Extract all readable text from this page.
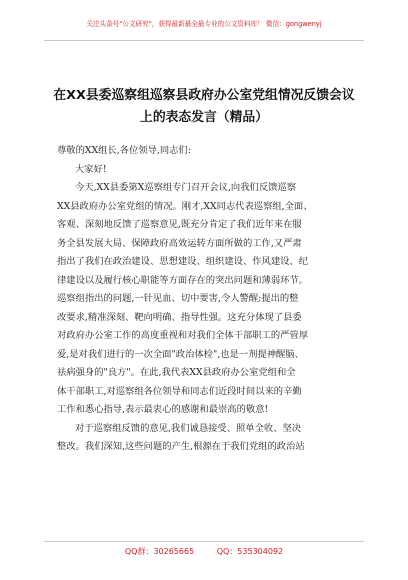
关注头条号"公文研究"，获得最新最全最专业的公文资料库！ 微信：gongwenyj
在XX县委巡察组巡察县政府办公室党组情况反馈会议
上的表态发言（精品）
尊敬的XX组长,各位领导,同志们:
大家好!
今天,XX县委第X巡察组专门召开会议,向我们反馈巡察
XX县政府办公室党组的情况。刚才,XX同志代表巡察组,全面、
客观、深刻地反馈了巡察意见,既充分肯定了我们近年来在服
务全县发展大局、保障政府高效运转方面所做的工作,又严肃
指出了我们在政治建设、思想建设、组织建设、作风建设、纪
律建设以及履行核心职能等方面存在的突出问题和薄弱环节。
巡察组指出的问题,一针见血、切中要害,令人警醒;提出的整
改要求,精准深刻、靶向明确、指导性强。这充分体现了县委
对政府办公室工作的高度重视和对我们全体干部职工的严管厚
爱,是对我们进行的一次全面"政治体检",也是一剂提神醒脑、
祛病强身的"良方"。在此,我代表XX县政府办公室党组和全
体干部职工,对巡察组各位领导和同志们近段时间以来的辛勤
工作和悉心指导,表示最衷心的感谢和最崇高的敬意!
对于巡察组反馈的意见,我们诚恳接受、照单全收、坚决
整改。我们深知,这些问题的产生,根源在于我们党组的政治站
QQ群：30265665	QQ：535304092
